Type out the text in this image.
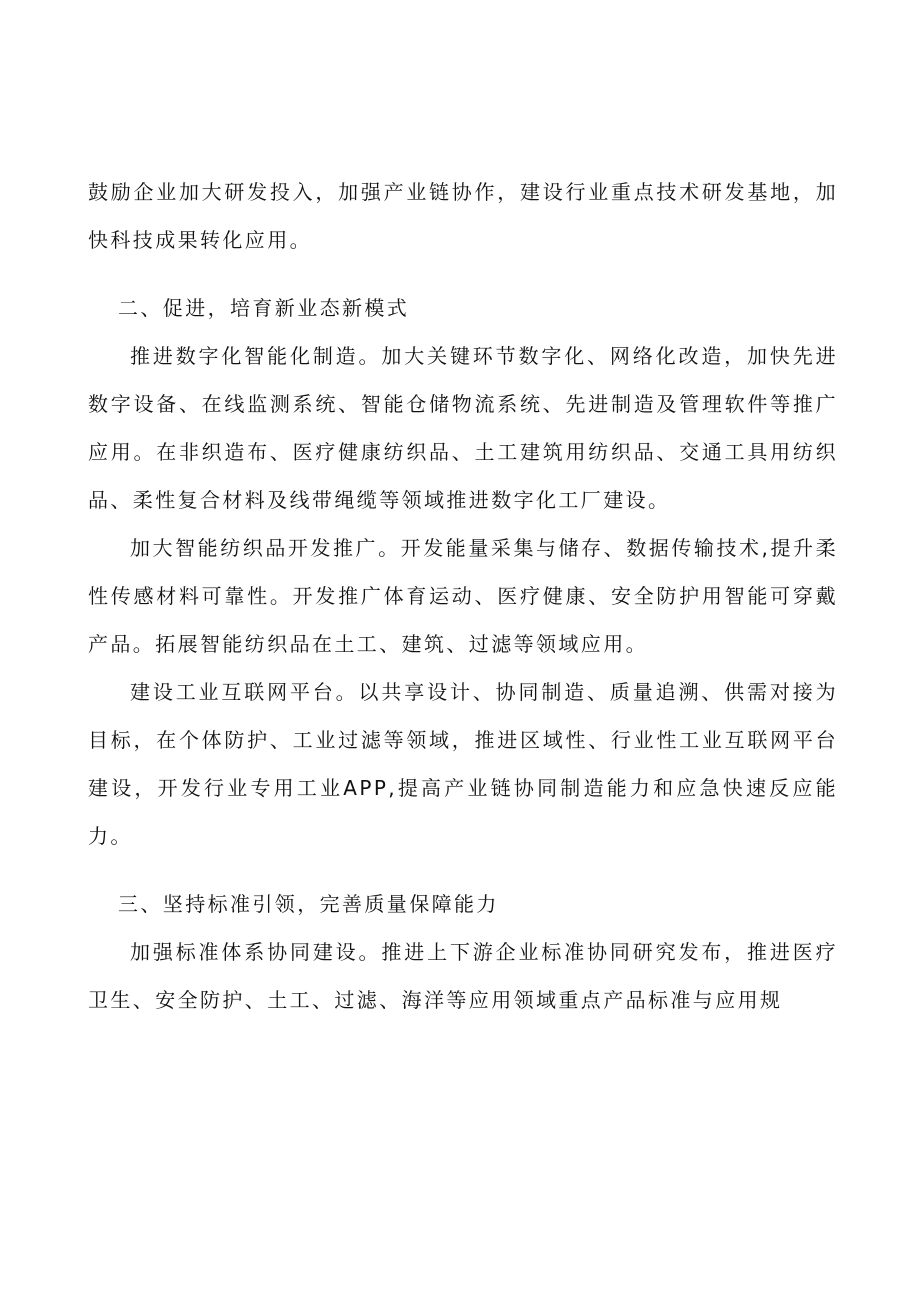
鼓励企业加大研发投入，加强产业链协作，建设行业重点技术研发基地，加快科技成果转化应用。

二、促进，培育新业态新模式

推进数字化智能化制造。加大关键环节数字化、网络化改造，加快先进数字设备、在线监测系统、智能仓储物流系统、先进制造及管理软件等推广应用。在非织造布、医疗健康纺织品、土工建筑用纺织品、交通工具用纺织品、柔性复合材料及线带绳缆等领域推进数字化工厂建设。

加大智能纺织品开发推广。开发能量采集与储存、数据传输技术,提升柔性传感材料可靠性。开发推广体育运动、医疗健康、安全防护用智能可穿戴产品。拓展智能纺织品在土工、建筑、过滤等领域应用。

建设工业互联网平台。以共享设计、协同制造、质量追溯、供需对接为目标，在个体防护、工业过滤等领域，推进区域性、行业性工业互联网平台建设，开发行业专用工业APP,提高产业链协同制造能力和应急快速反应能力。

三、坚持标准引领，完善质量保障能力

加强标准体系协同建设。推进上下游企业标准协同研究发布，推进医疗卫生、安全防护、土工、过滤、海洋等应用领域重点产品标准与应用规
